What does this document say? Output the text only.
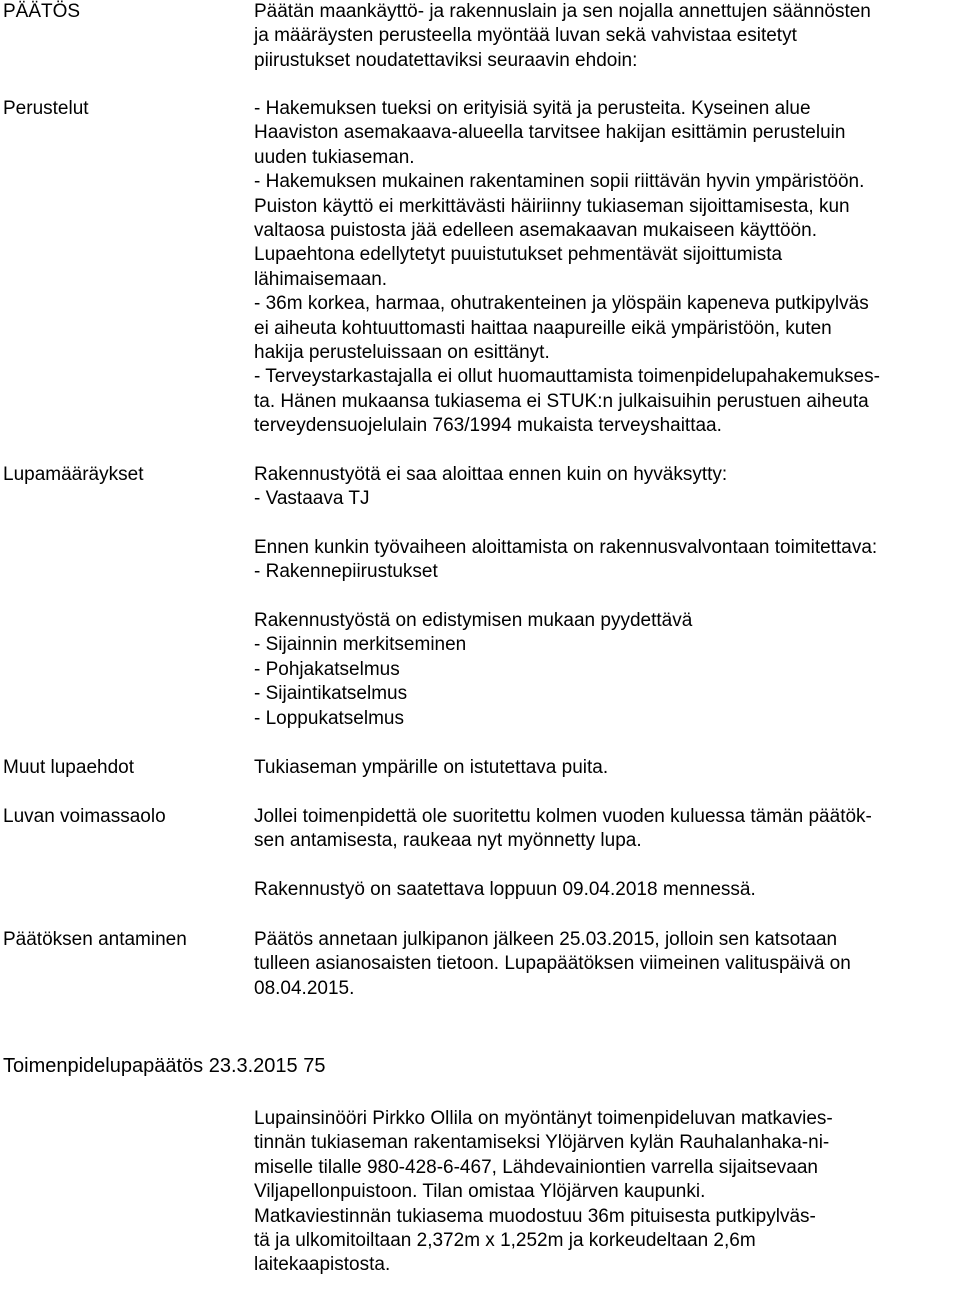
PÄÄTÖS	Päätän maankäyttö- ja rakennuslain ja sen nojalla annettujen säännösten
ja määräysten perusteella myöntää luvan sekä vahvistaa esitetyt
piirustukset noudatettaviksi seuraavin ehdoin:
Perustelut	- Hakemuksen tueksi on erityisiä syitä ja perusteita. Kyseinen alue
Haaviston asemakaava-alueella tarvitsee hakijan esittämin perusteluin
uuden tukiaseman.
- Hakemuksen mukainen rakentaminen sopii riittävän hyvin ympäristöön.
Puiston käyttö ei merkittävästi häiriinny tukiaseman sijoittamisesta, kun
valtaosa puistosta jää edelleen asemakaavan mukaiseen käyttöön.
Lupaehtona edellytetyt puuistutukset pehmentävät sijoittumista
lähimaisemaan.
- 36m korkea, harmaa, ohutrakenteinen ja ylöspäin kapeneva putkipylväs
ei aiheuta kohtuuttomasti haittaa naapureille eikä ympäristöön, kuten
hakija perusteluissaan on esittänyt.
- Terveystarkastajalla ei ollut huomauttamista toimenpidelupahakemukses-
ta. Hänen mukaansa tukiasema ei STUK:n julkaisuihin perustuen aiheuta
terveydensuojelulain 763/1994 mukaista terveyshaittaa.
Lupamääräykset	Rakennustyötä ei saa aloittaa ennen kuin on hyväksytty:
- Vastaava TJ
Ennen kunkin työvaiheen aloittamista on rakennusvalvontaan toimitettava:
- Rakennepiirustukset
Rakennustyöstä on edistymisen mukaan pyydettävä
- Sijainnin merkitseminen
- Pohjakatselmus
- Sijaintikatselmus
- Loppukatselmus
Muut lupaehdot	Tukiaseman ympärille on istutettava puita.
Luvan voimassaolo	Jollei toimenpidettä ole suoritettu kolmen vuoden kuluessa tämän päätök-
sen antamisesta, raukeaa nyt myönnetty lupa.
Rakennustyö on saatettava loppuun 09.04.2018 mennessä.
Päätöksen antaminen	Päätös annetaan julkipanon jälkeen 25.03.2015, jolloin sen katsotaan
tulleen asianosaisten tietoon. Lupapäätöksen viimeinen valituspäivä on
08.04.2015.
Toimenpidelupapäätös 23.3.2015 75
Lupainsinööri Pirkko Ollila on myöntänyt toimenpideluvan matkavies-
tinnän tukiaseman rakentamiseksi Ylöjärven kylän Rauhalanhaka-ni-
miselle tilalle 980-428-6-467, Lähdevainiontien varrella sijaitsevaan
Viljapellonpuistoon. Tilan omistaa Ylöjärven kaupunki.
Matkaviestinnän tukiasema muodostuu 36m pituisesta putkipylväs-
tä ja ulkomitoiltaan 2,372m x 1,252m ja korkeudeltaan 2,6m
laitekaapistosta.
